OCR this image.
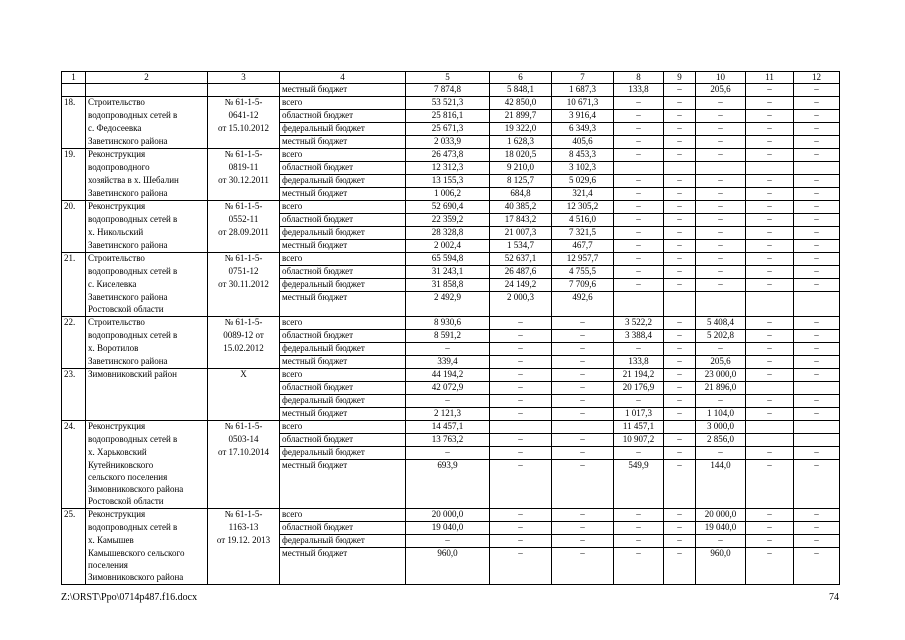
1	2	3	4	5	6	7	8	9	10	11	12
			местный бюджет	7 874,8	5 848,1	1 687,3	133,8	–	205,6	–	–
18.	Строительство	№ 61-1-5-	всего	53 521,3	42 850,0	10 671,3	–	–	–	–	–
	водопроводных сетей в	0641-12	областной бюджет	25 816,1	21 899,7	3 916,4	–	–	–	–	–
	с. Федосеевка	от 15.10.2012	федеральный бюджет	25 671,3	19 322,0	6 349,3	–	–	–	–	–
	Заветинского района		местный бюджет	2 033,9	1 628,3	405,6	–	–	–	–	–
19.	Реконструкция	№ 61-1-5-	всего	26 473,8	18 020,5	8 453,3	–	–	–	–	–
	водопроводного	0819-11	областной бюджет	12 312,3	9 210,0	3 102,3					
	хозяйства в х. Шебалин	от 30.12.2011	федеральный бюджет	13 155,3	8 125,7	5 029,6	–	–	–	–	–
	Заветинского района		местный бюджет	1 006,2	684,8	321,4	–	–	–	–	–
20.	Реконструкция	№ 61-1-5-	всего	52 690,4	40 385,2	12 305,2	–	–	–	–	–
	водопроводных сетей в	0552-11	областной бюджет	22 359,2	17 843,2	4 516,0	–	–	–	–	–
	х. Никольский	от 28.09.2011	федеральный бюджет	28 328,8	21 007,3	7 321,5	–	–	–	–	–
	Заветинского района		местный бюджет	2 002,4	1 534,7	467,7	–	–	–	–	–
21.	Строительство	№ 61-1-5-	всего	65 594,8	52 637,1	12 957,7	–	–	–	–	–
	водопроводных сетей в	0751-12	областной бюджет	31 243,1	26 487,6	4 755,5	–	–	–	–	–
	с. Киселевка	от 30.11.2012	федеральный бюджет	31 858,8	24 149,2	7 709,6	–	–	–	–	–
	Заветинского района		местный бюджет	2 492,9	2 000,3	492,6					
	Ростовской области										
22.	Строительство	№ 61-1-5-	всего	8 930,6	–	–	3 522,2	–	5 408,4	–	–
	водопроводных сетей в	0089-12 от	областной бюджет	8 591,2	–	–	3 388,4	–	5 202,8	–	–
	х. Воротилов	15.02.2012	федеральный бюджет	–	–	–	–	–	–	–	–
	Заветинского района		местный бюджет	339,4	–	–	133,8	–	205,6	–	–
23.	Зимовниковский район	Х	всего	44 194,2	–	–	21 194,2	–	23 000,0	–	–
			областной бюджет	42 072,9	–	–	20 176,9	–	21 896,0		
			федеральный бюджет	–	–	–	–	–	–	–	–
			местный бюджет	2 121,3	–	–	1 017,3	–	1 104,0	–	–
24.	Реконструкция	№ 61-1-5-	всего	14 457,1			11 457,1		3 000,0		
	водопроводных сетей в	0503-14	областной бюджет	13 763,2	–	–	10 907,2	–	2 856,0		
	х. Харьковский	от 17.10.2014	федеральный бюджет	–	–	–	–	–	–	–	–
	Кутейниковского		местный бюджет	693,9	–	–	549,9	–	144,0	–	–
	сельского поселения										
	Зимовниковского района										
	Ростовской области										
25.	Реконструкция	№ 61-1-5-	всего	20 000,0	–	–	–	–	20 000,0	–	–
	водопроводных сетей в	1163-13	областной бюджет	19 040,0	–	–	–	–	19 040,0	–	–
	х. Камышев	от 19.12. 2013	федеральный бюджет	–	–	–	–	–	–	–	–
	Камышевского сельского		местный бюджет	960,0	–	–	–	–	960,0	–	–
	поселения										
	Зимовниковского района										
Z:\ORST\Ppo\0714p487.f16.docx	74
